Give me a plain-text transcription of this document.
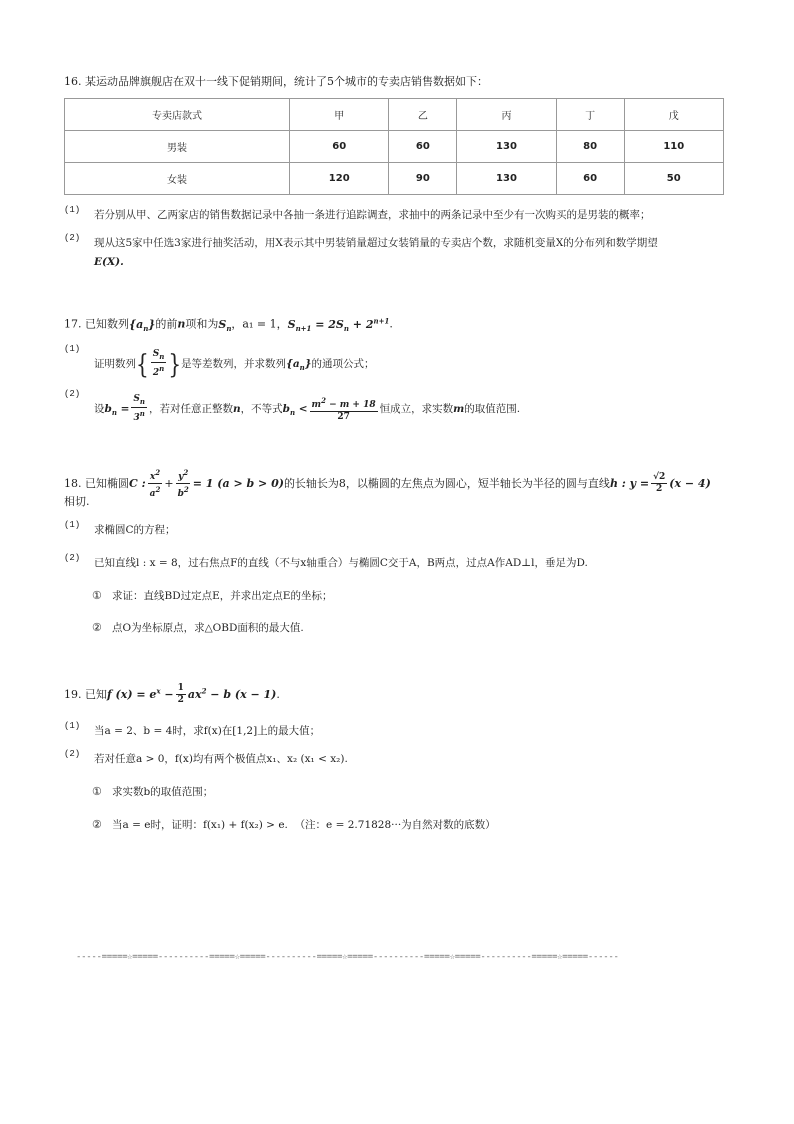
16. 某运动品牌旗舰店在双十一线下促销期间，统计了5个城市的专卖店销售数据如下：
专卖店款式	甲	乙	丙	丁	戊
男装	60	60	130	80	110
女装	120	90	130	60	50
(1) 若分别从甲、乙两家店的销售数据记录中各抽一条进行追踪调查，求抽中的两条记录中至少有一次购买的是男装的概率；
(2) 现从这5家中任选3家进行抽奖活动，用X表示其中男装销量超过女装销量的专卖店个数，求随机变量X的分布列和数学期望
E(X).
17. 已知数列$\{a_n\}$的前n项和为$S_n$，a₁ = 1，$S_{n+1} = 2S_n + 2^{n+1}$.
(1)
证明数列{ $\frac{S_n}{2^n}$ }是等差数列，并求数列$\{a_n\}$的通项公式；
(2)
设$b_n = \frac{S_n}{3^n}$ ，若对任意正整数n，不等式$b_n < \frac{m^2 - m + 18}{27}$ 恒成立，求实数m的取值范围.
18. 已知椭圆C : $\frac{x^2}{a^2} + \frac{y^2}{b^2} = 1$ (a > b > 0)的长轴长为8，以椭圆的左焦点为圆心，短半轴长为半径的圆与直线h : $y = \frac{√2}{2} (x - 4)$
相切.
(1) 求椭圆C的方程；
(2) 已知直线l : x = 8，过右焦点F的直线（不与x轴重合）与椭圆C交于A，B两点，过点A作AD⊥l，垂足为D.
① 求证：直线BD过定点E，并求出定点E的坐标；
② 点O为坐标原点，求△OBD面积的最大值.
19. 已知f $(x) = e^x - \frac{1}{2} ax^2 - b$ (x − 1).
(1) 当a = 2、b = 4时，求f(x)在[1,2]上的最大值；
(2) 若对任意a > 0，f(x)均有两个极值点x₁、x₂ (x₁ < x₂).
① 求实数b的取值范围；
② 当a = e时，证明：f(x₁) + f(x₂) > e. （注：e = 2.71828···为自然对数的底数）
-----=====☆=====----------=====☆=====----------=====☆=====----------=====☆=====----------=====☆=====------
